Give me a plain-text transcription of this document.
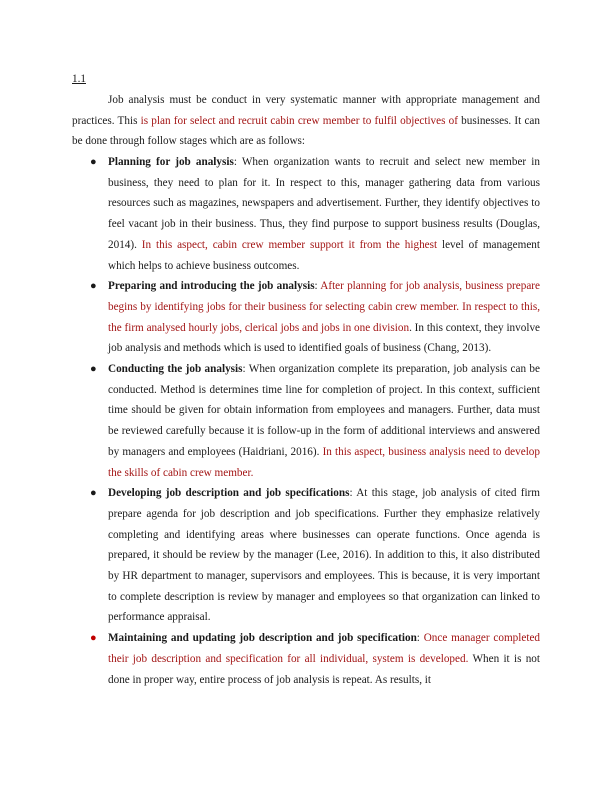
1.1

Job analysis must be conduct in very systematic manner with appropriate management and practices. This is plan for select and recruit cabin crew member to fulfil objectives of businesses. It can be done through follow stages which are as follows:

● Planning for job analysis: When organization wants to recruit and select new member in business, they need to plan for it. In respect to this, manager gathering data from various resources such as magazines, newspapers and advertisement. Further, they identify objectives to feel vacant job in their business. Thus, they find purpose to support business results (Douglas, 2014). In this aspect, cabin crew member support it from the highest level of management which helps to achieve business outcomes.
● Preparing and introducing the job analysis: After planning for job analysis, business prepare begins by identifying jobs for their business for selecting cabin crew member. In respect to this, the firm analysed hourly jobs, clerical jobs and jobs in one division. In this context, they involve job analysis and methods which is used to identified goals of business (Chang, 2013).
● Conducting the job analysis: When organization complete its preparation, job analysis can be conducted. Method is determines time line for completion of project. In this context, sufficient time should be given for obtain information from employees and managers. Further, data must be reviewed carefully because it is follow-up in the form of additional interviews and answered by managers and employees (Haidriani, 2016). In this aspect, business analysis need to develop the skills of cabin crew member.
● Developing job description and job specifications: At this stage, job analysis of cited firm prepare agenda for job description and job specifications. Further they emphasize relatively completing and identifying areas where businesses can operate functions. Once agenda is prepared, it should be review by the manager (Lee, 2016). In addition to this, it also distributed by HR department to manager, supervisors and employees. This is because, it is very important to complete description is review by manager and employees so that organization can linked to performance appraisal.
● Maintaining and updating job description and job specification: Once manager completed their job description and specification for all individual, system is developed. When it is not done in proper way, entire process of job analysis is repeat. As results, it
